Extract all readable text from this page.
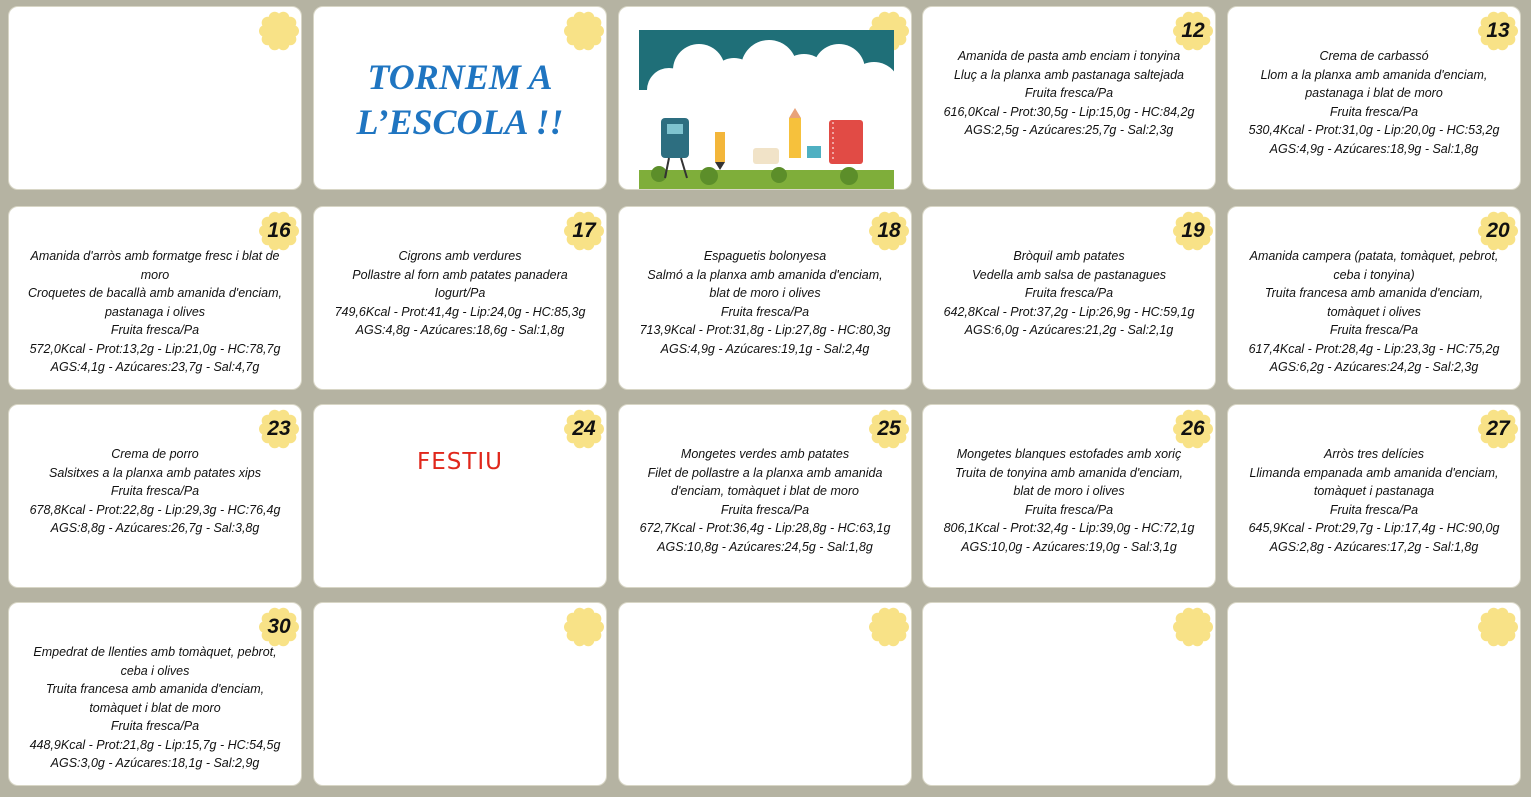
TORNEM A
L’ESCOLA !!
12
Amanida de pasta amb enciam i tonyina
Lluç a la planxa amb pastanaga saltejada
Fruita fresca/Pa
616,0Kcal - Prot:30,5g - Lip:15,0g - HC:84,2g
AGS:2,5g - Azúcares:25,7g - Sal:2,3g
13
Crema de carbassó
Llom a la planxa amb amanida d'enciam,
pastanaga i blat de moro
Fruita fresca/Pa
530,4Kcal - Prot:31,0g - Lip:20,0g - HC:53,2g
AGS:4,9g - Azúcares:18,9g - Sal:1,8g
16
Amanida d'arròs amb formatge fresc i blat de
moro
Croquetes de bacallà amb amanida d'enciam,
pastanaga i olives
Fruita fresca/Pa
572,0Kcal - Prot:13,2g - Lip:21,0g - HC:78,7g
AGS:4,1g - Azúcares:23,7g - Sal:4,7g
17
Cigrons amb verdures
Pollastre al forn amb patates panadera
Iogurt/Pa
749,6Kcal - Prot:41,4g - Lip:24,0g - HC:85,3g
AGS:4,8g - Azúcares:18,6g - Sal:1,8g
18
Espaguetis bolonyesa
Salmó a la planxa amb amanida d'enciam,
blat de moro i olives
Fruita fresca/Pa
713,9Kcal - Prot:31,8g - Lip:27,8g - HC:80,3g
AGS:4,9g - Azúcares:19,1g - Sal:2,4g
19
Bròquil amb patates
Vedella amb salsa de pastanagues
Fruita fresca/Pa
642,8Kcal - Prot:37,2g - Lip:26,9g - HC:59,1g
AGS:6,0g - Azúcares:21,2g - Sal:2,1g
20
Amanida campera (patata, tomàquet, pebrot,
ceba i tonyina)
Truita francesa amb amanida d'enciam,
tomàquet i olives
Fruita fresca/Pa
617,4Kcal - Prot:28,4g - Lip:23,3g - HC:75,2g
AGS:6,2g - Azúcares:24,2g - Sal:2,3g
23
Crema de porro
Salsitxes a la planxa amb patates xips
Fruita fresca/Pa
678,8Kcal - Prot:22,8g - Lip:29,3g - HC:76,4g
AGS:8,8g - Azúcares:26,7g - Sal:3,8g
24
FESTIU
25
Mongetes verdes amb patates
Filet de pollastre a la planxa amb amanida
d'enciam, tomàquet i blat de moro
Fruita fresca/Pa
672,7Kcal - Prot:36,4g - Lip:28,8g - HC:63,1g
AGS:10,8g - Azúcares:24,5g - Sal:1,8g
26
Mongetes blanques estofades amb xoriç
Truita de tonyina amb amanida d'enciam,
blat de moro i olives
Fruita fresca/Pa
806,1Kcal - Prot:32,4g - Lip:39,0g - HC:72,1g
AGS:10,0g - Azúcares:19,0g - Sal:3,1g
27
Arròs tres delícies
Llimanda empanada amb amanida d'enciam,
tomàquet i pastanaga
Fruita fresca/Pa
645,9Kcal - Prot:29,7g - Lip:17,4g - HC:90,0g
AGS:2,8g - Azúcares:17,2g - Sal:1,8g
30
Empedrat de llenties amb tomàquet, pebrot,
ceba i olives
Truita francesa amb amanida d'enciam,
tomàquet i blat de moro
Fruita fresca/Pa
448,9Kcal - Prot:21,8g - Lip:15,7g - HC:54,5g
AGS:3,0g - Azúcares:18,1g - Sal:2,9g
